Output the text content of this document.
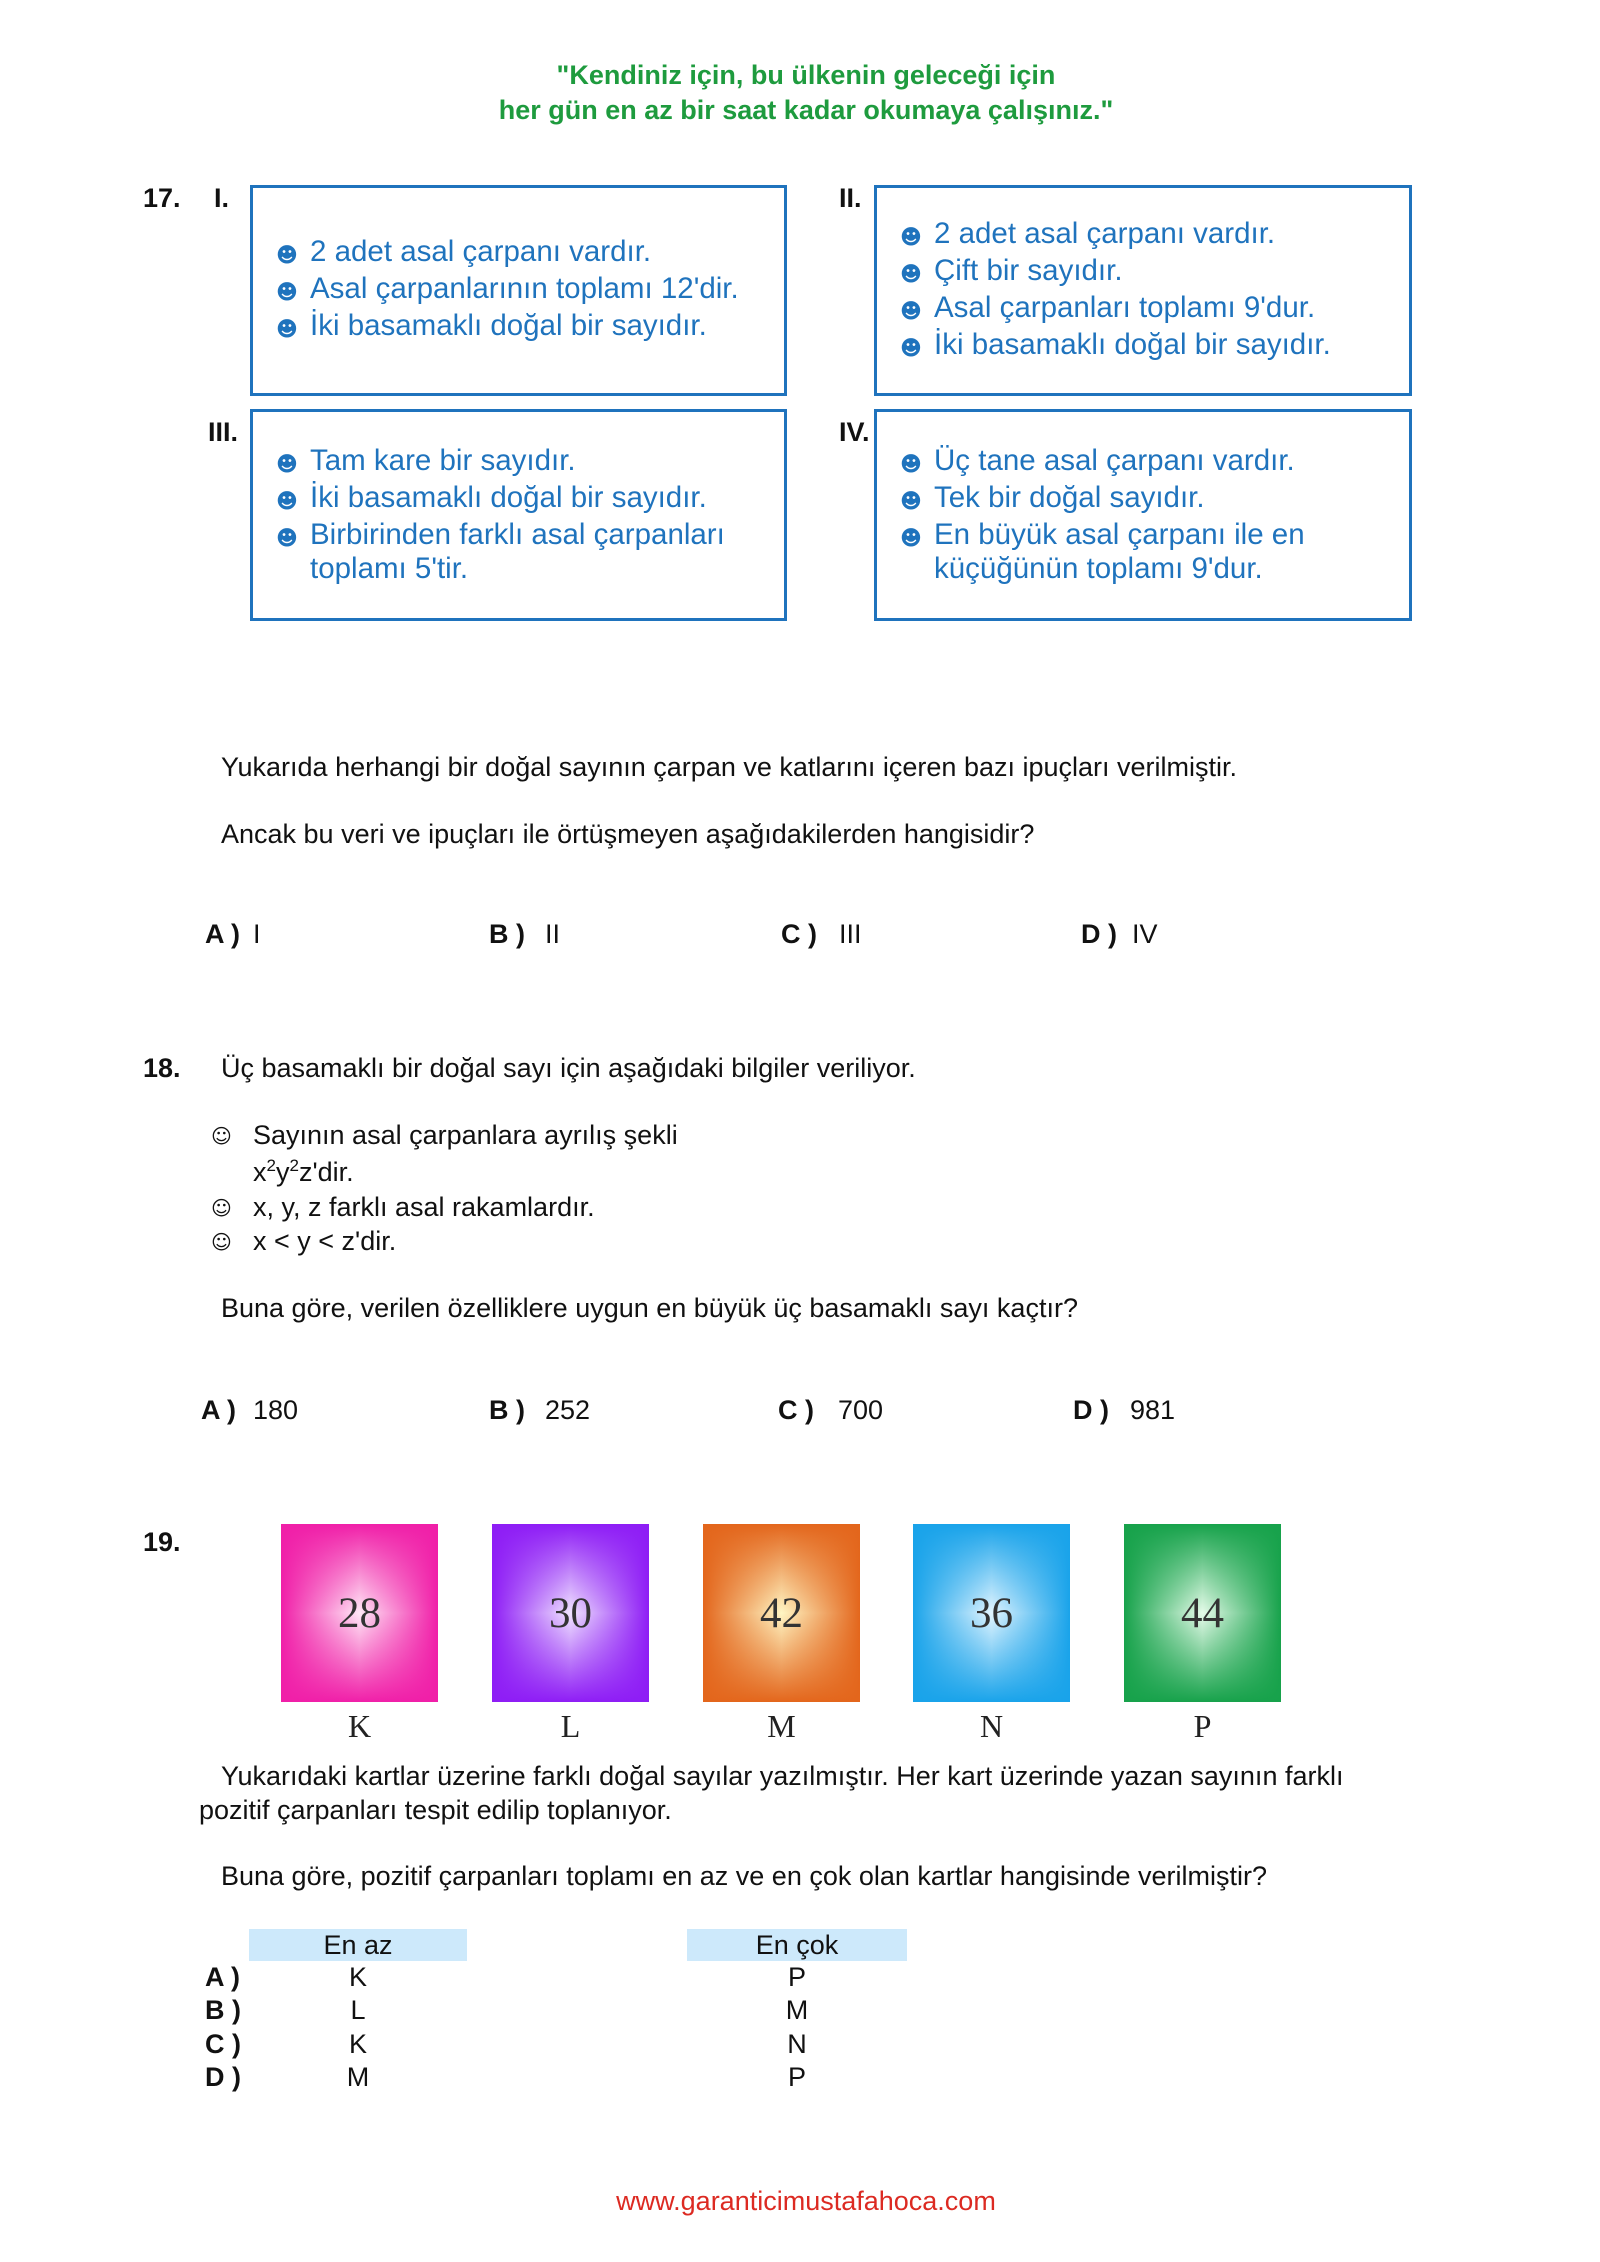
"Kendiniz için, bu ülkenin geleceği için
her gün en az bir saat kadar okumaya çalışınız."
17. I.	II.
III.	IV.
☻
2 adet asal çarpanı vardır.
☻
Asal çarpanlarının toplamı 12'dir.
☻
İki basamaklı doğal bir sayıdır.
☻
2 adet asal çarpanı vardır.
☻
Çift bir sayıdır.
☻
Asal çarpanları toplamı 9'dur.
☻
İki basamaklı doğal bir sayıdır.
☻
Tam kare bir sayıdır.
☻
İki basamaklı doğal bir sayıdır.
☻
Birbirinden farklı asal çarpanları toplamı 5'tir.
☻
Üç tane asal çarpanı vardır.
☻
Tek bir doğal sayıdır.
☻
En büyük asal çarpanı ile en küçüğünün toplamı 9'dur.
Yukarıda herhangi bir doğal sayının çarpan ve katlarını içeren bazı ipuçları verilmiştir.
Ancak bu veri ve ipuçları ile örtüşmeyen aşağıdakilerden hangisidir?
A ) I	B ) II	C ) III	D ) IV
18. Üç basamaklı bir doğal sayı için aşağıdaki bilgiler veriliyor.
☺
Sayının asal çarpanlara ayrılış şekli
$x^2y^2z'dir$.
☺
x, y, z farklı asal rakamlardır.
☺
x < y < z'dir.
Buna göre, verilen özelliklere uygun en büyük üç basamaklı sayı kaçtır?
A ) 180	B ) 252	C ) 700	D ) 981
19.
28
K
30
L
42
M
36
N
44
P
Yukarıdaki kartlar üzerine farklı doğal sayılar yazılmıştır. Her kart üzerinde yazan sayının farklı pozitif çarpanları tespit edilip toplanıyor.
Buna göre, pozitif çarpanları toplamı en az ve en çok olan kartlar hangisinde verilmiştir?
En az	En çok
A )	K	P
B )	L	M
C )	K	N
D )	M	P
www.garanticimustafahoca.com
